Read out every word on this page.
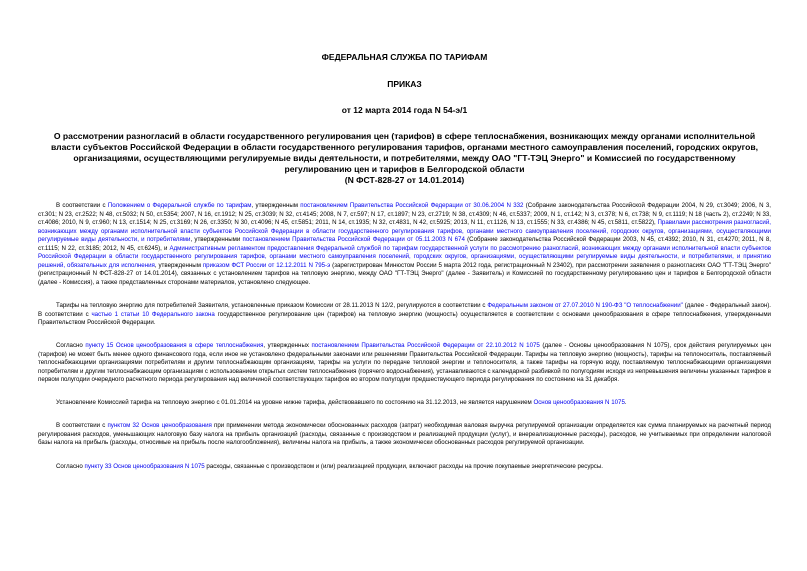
ФЕДЕРАЛЬНАЯ СЛУЖБА ПО ТАРИФАМ
ПРИКАЗ
от 12 марта 2014 года N 54-э/1
О рассмотрении разногласий в области государственного регулирования цен (тарифов) в сфере теплоснабжения, возникающих между органами исполнительной власти субъектов Российской Федерации в области государственного регулирования тарифов, органами местного самоуправления поселений, городских округов, организациями, осуществляющими регулируемые виды деятельности, и потребителями, между ОАО "ГТ-ТЭЦ Энерго" и Комиссией по государственному регулированию цен и тарифов в Белгородской области
(N ФСТ-828-27 от 14.01.2014)

В соответствии с Положением о Федеральной службе по тарифам, утвержденным постановлением Правительства Российской Федерации от 30.06.2004 N 332 (Собрание законодательства Российской Федерации 2004, N 29, ст.3049; 2006, N 3, ст.301; N 23, ст.2522; N 48, ст.5032; N 50, ст.5354; 2007, N 16, ст.1912; N 25, ст.3039; N 32, ст.4145; 2008, N 7, ст.597; N 17, ст.1897; N 23, ст.2719; N 38, ст.4309; N 46, ст.5337; 2009, N 1, ст.142; N 3, ст.378; N 6, ст.738; N 9, ст.1119; N 18 (часть 2), ст.2249; N 33, ст.4086; 2010, N 9, ст.960; N 13, ст.1514; N 25, ст.3169; N 26, ст.3350; N 30, ст.4096; N 45, ст.5851; 2011, N 14, ст.1935; N 32, ст.4831, N 42, ст.5925; 2013, N 11, ст.1126, N 13, ст.1555; N 33, ст.4386; N 45, ст.5811, ст.5822), Правилами рассмотрения разногласий, возникающих между органами исполнительной власти субъектов Российской Федерации в области государственного регулирования тарифов, органами местного самоуправления поселений, городских округов, организациями, осуществляющими регулируемые виды деятельности, и потребителями, утвержденными постановлением Правительства Российской Федерации от 05.11.2003 N 674 (Собрание законодательства Российской Федерации 2003, N 45, ст.4392; 2010, N 31, ст.4270; 2011, N 8, ст.1115; N 22, ст.3185; 2012, N 45, ст.6245), и Административным регламентом предоставления Федеральной службой по тарифам государственной услуги по рассмотрению разногласий, возникающих между органами исполнительной власти субъектов Российской Федерации в области государственного регулирования тарифов, органами местного самоуправления поселений, городских округов, организациями, осуществляющими регулируемые виды деятельности, и потребителями, и принятию решений, обязательных для исполнения, утвержденным приказом ФСТ России от 12.12.2011 N 795-э (зарегистрирован Минюстом России 5 марта 2012 года, регистрационный N 23402), при рассмотрении заявления о разногласиях ОАО "ГТ-ТЭЦ Энерго" (регистрационный N ФСТ-828-27 от 14.01.2014), связанных с установлением тарифов на тепловую энергию, между ОАО "ГТ-ТЭЦ Энерго" (далее - Заявитель) и Комиссией по государственному регулированию цен и тарифов в Белгородской области (далее - Комиссия), а также представленных сторонами материалов, установлено следующее.

Тарифы на тепловую энергию для потребителей Заявителя, установленные приказом Комиссии от 28.11.2013 N 12/2, регулируются в соответствии с Федеральным законом от 27.07.2010 N 190-ФЗ "О теплоснабжении" (далее - Федеральный закон). В соответствии с частью 1 статьи 10 Федерального закона государственное регулирование цен (тарифов) на тепловую энергию (мощность) осуществляется в соответствии с основами ценообразования в сфере теплоснабжения, утвержденными Правительством Российской Федерации.

Согласно пункту 15 Основ ценообразования в сфере теплоснабжения, утвержденных постановлением Правительства Российской Федерации от 22.10.2012 N 1075 (далее - Основы ценообразования N 1075), срок действия регулируемых цен (тарифов) не может быть менее одного финансового года, если иное не установлено федеральными законами или решениями Правительства Российской Федерации. Тарифы на тепловую энергию (мощность), тарифы на теплоноситель, поставляемый теплоснабжающими организациями потребителям и другим теплоснабжающим организациям, тарифы на услуги по передаче тепловой энергии и теплоносителя, а также тарифы на горячую воду, поставляемую теплоснабжающими организациями потребителям и другим теплоснабжающим организациям с использованием открытых систем теплоснабжения (горячего водоснабжения), устанавливаются с календарной разбивкой по полугодиям исходя из непревышения величины указанных тарифов в первом полугодии очередного расчетного периода регулирования над величиной соответствующих тарифов во втором полугодии предшествующего периода регулирования по состоянию на 31 декабря.

Установление Комиссией тарифа на тепловую энергию с 01.01.2014 на уровне нижне тарифа, действовавшего по состоянию на 31.12.2013, не является нарушением Основ ценообразования N 1075.

В соответствии с пунктом 32 Основ ценообразования при применении метода экономически обоснованных расходов (затрат) необходимая валовая выручка регулируемой организации определяется как сумма планируемых на расчетный период регулирования расходов, уменьшающих налоговую базу налога на прибыль организаций (расходы, связанные с производством и реализацией продукции (услуг), и внереализационные расходы), расходов, не учитываемых при определении налоговой базы налога на прибыль (расходы, относимые на прибыль после налогообложения), величины налога на прибыль, а также экономически обоснованных расходов регулируемой организации.

Согласно пункту 33 Основ ценообразования N 1075 расходы, связанные с производством и (или) реализацией продукции, включают расходы на прочие покупаемые энергетические ресурсы.
